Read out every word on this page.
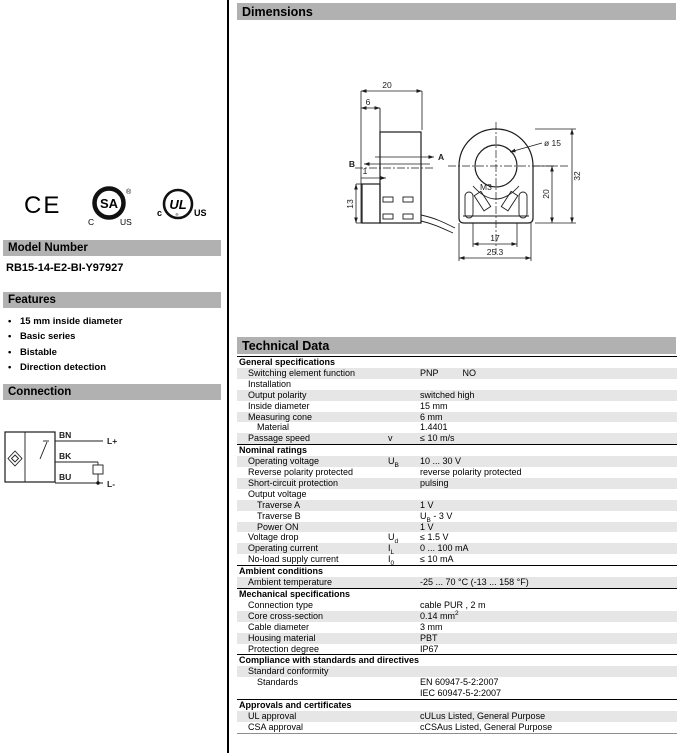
CE	SA
®
C	US
UL
®
c	US
Model Number
RB15-14-E2-BI-Y97927
Features
• 15 mm inside diameter
• Basic series
• Bistable
• Direction detection
Connection
BN
L+
BK
BU
L-
Dimensions
20
6
A
B
1
13
M3
ø 15
32
20
17
25.3
Technical Data
General specifications
Switching element function	PNP	NO
Installation
Output polarity	switched high
Inside diameter	15 mm
Measuring cone	6 mm
Material	1.4401
Passage speed	v	≤ 10 m/s
Nominal ratings
Operating voltage	$U_B$	10 ... 30 V
Reverse polarity protected	reverse polarity protected
Short-circuit protection	pulsing
Output voltage
Traverse A	1 V
Traverse B	$U_B - 3$ V
Power ON	1 V
Voltage drop	$U_d$	≤ 1.5 V
Operating current	$I_L$	0 ... 100 mA
No-load supply current	$I_0$	≤ 10 mA
Ambient conditions
Ambient temperature	-25 ... 70 °C (-13 ... 158 °F)
Mechanical specifications
Connection type	cable PUR , 2 m
Core cross-section	0.14 $mm^2$
Cable diameter	3 mm
Housing material	PBT
Protection degree	IP67
Compliance with standards and directives
Standard conformity
Standards	EN 60947-5-2:2007
IEC 60947-5-2:2007
Approvals and certificates
UL approval	cULus Listed, General Purpose
CSA approval	cCSAus Listed, General Purpose
